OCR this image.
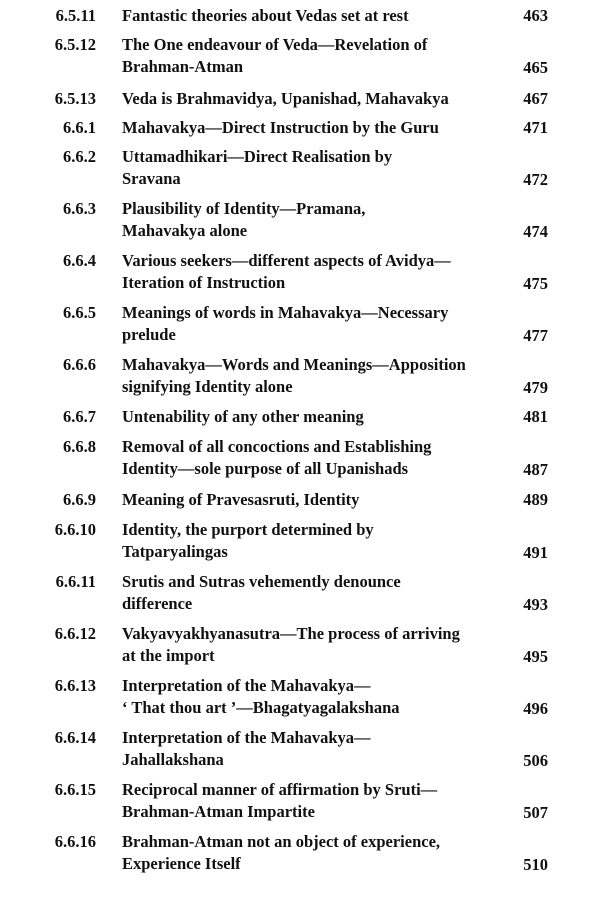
6.5.11 Fantastic theories about Vedas set at rest	463
6.5.12 The One endeavour of Veda—Revelation of
Brahman-Atman	465
6.5.13 Veda is Brahmavidya, Upanishad, Mahavakya	467
6.6.1 Mahavakya—Direct Instruction by the Guru	471
6.6.2 Uttamadhikari—Direct Realisation by
Sravana	472
6.6.3 Plausibility of Identity—Pramana,
Mahavakya alone	474
6.6.4 Various seekers—different aspects of Avidya—
Iteration of Instruction	475
6.6.5 Meanings of words in Mahavakya—Necessary
prelude	477
6.6.6 Mahavakya—Words and Meanings—Apposition
signifying Identity alone	479
6.6.7 Untenability of any other meaning	481
6.6.8 Removal of all concoctions and Establishing
Identity—sole purpose of all Upanishads	487
6.6.9 Meaning of Pravesasruti, Identity	489
6.6.10 Identity, the purport determined by
Tatparyalingas	491
6.6.11 Srutis and Sutras vehemently denounce
difference	493
6.6.12 Vakyavyakhyanasutra—The process of arriving
at the import	495
6.6.13 Interpretation of the Mahavakya—
‘ That thou art ’—Bhagatyagalakshana	496
6.6.14 Interpretation of the Mahavakya—
Jahallakshana	506
6.6.15 Reciprocal manner of affirmation by Sruti—
Brahman-Atman Impartite	507
6.6.16 Brahman-Atman not an object of experience,
Experience Itself	510
